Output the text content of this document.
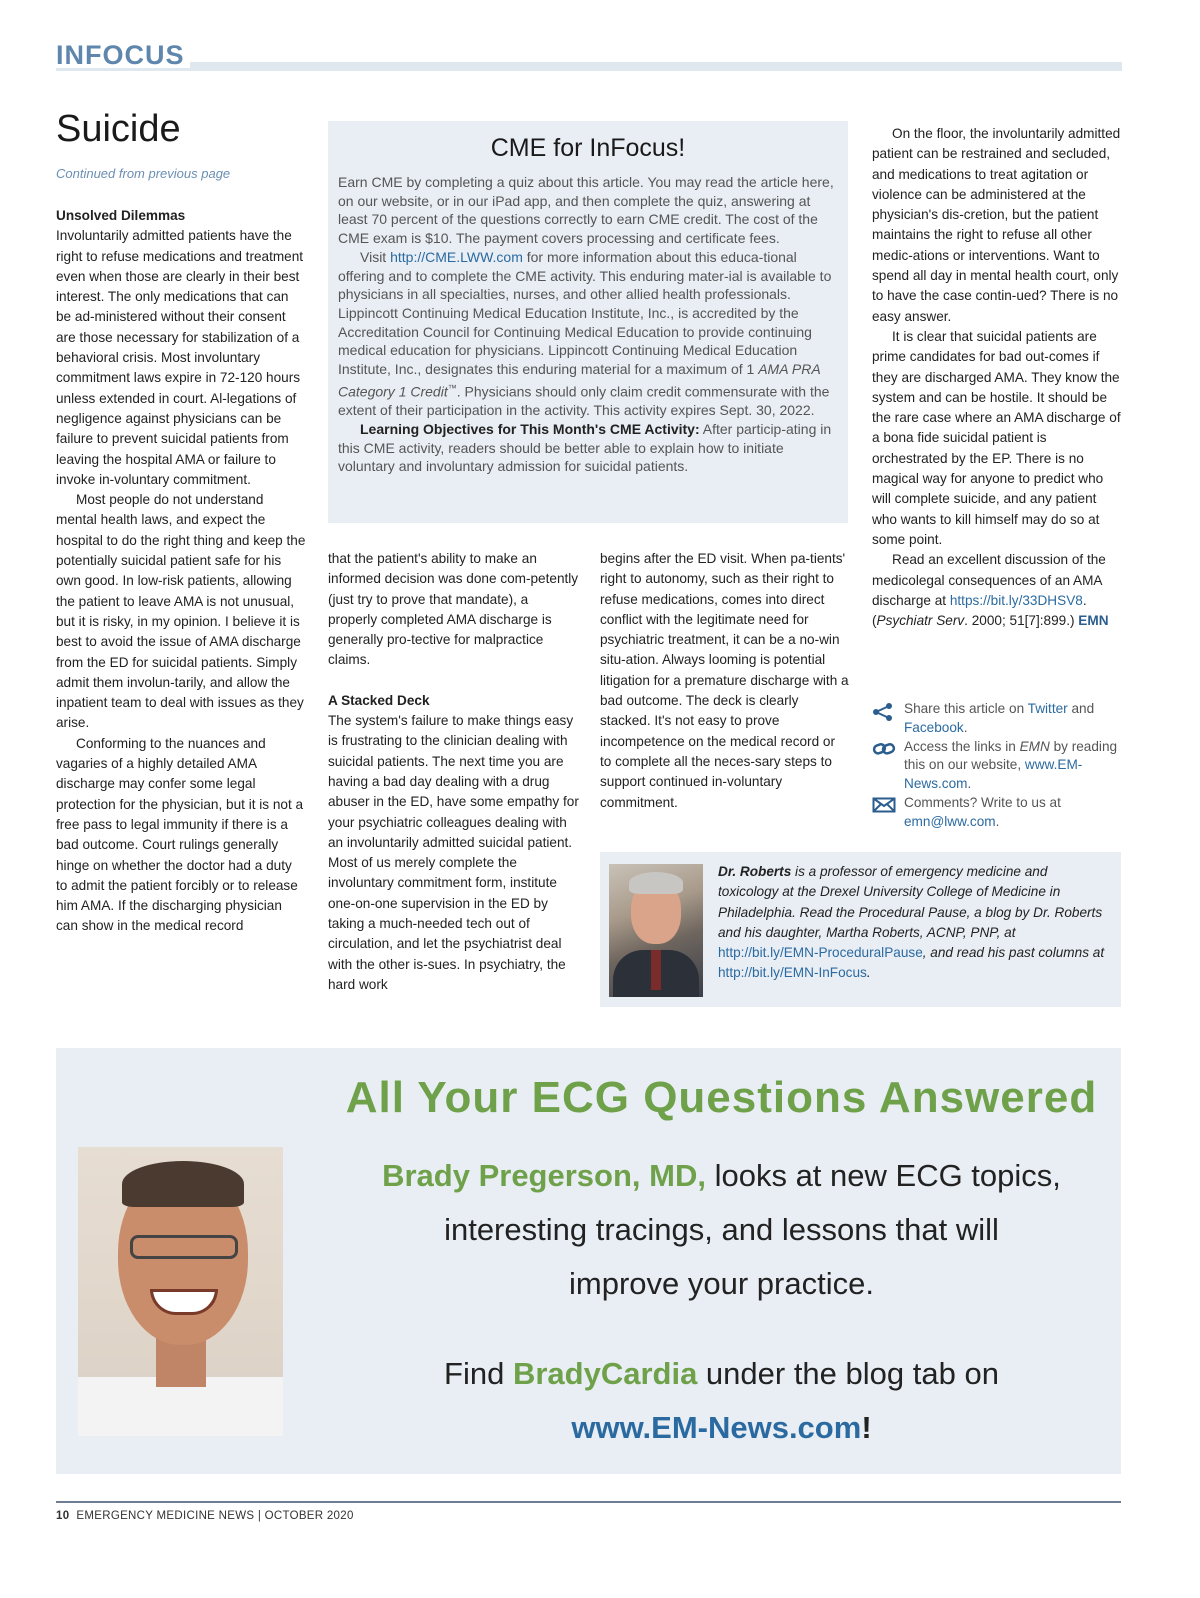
INFOCUS
Suicide
Continued from previous page

Unsolved Dilemmas

Involuntarily admitted patients have the right to refuse medications and treatment even when those are clearly in their best interest. The only medications that can be ad-ministered without their consent are those necessary for stabilization of a behavioral crisis. Most involuntary commitment laws expire in 72-120 hours unless extended in court. Al-legations of negligence against physicians can be failure to prevent suicidal patients from leaving the hospital AMA or failure to invoke in-voluntary commitment.

Most people do not understand mental health laws, and expect the hospital to do the right thing and keep the potentially suicidal patient safe for his own good. In low-risk patients, allowing the patient to leave AMA is not unusual, but it is risky, in my opinion. I believe it is best to avoid the issue of AMA discharge from the ED for suicidal patients. Simply admit them involun-tarily, and allow the inpatient team to deal with issues as they arise.

Conforming to the nuances and vagaries of a highly detailed AMA discharge may confer some legal protection for the physician, but it is not a free pass to legal immunity if there is a bad outcome. Court rulings generally hinge on whether the doctor had a duty to admit the patient forcibly or to release him AMA. If the discharging physician can show in the medical record

CME for InFocus!

Earn CME by completing a quiz about this article. You may read the article here, on our website, or in our iPad app, and then complete the quiz, answering at least 70 percent of the questions correctly to earn CME credit. The cost of the CME exam is $10. The payment covers processing and certificate fees.

Visit http://CME.LWW.com for more information about this educa-tional offering and to complete the CME activity. This enduring mater-ial is available to physicians in all specialties, nurses, and other allied health professionals. Lippincott Continuing Medical Education Institute, Inc., is accredited by the Accreditation Council for Continuing Medical Education to provide continuing medical education for physicians. Lippincott Continuing Medical Education Institute, Inc., designates this enduring material for a maximum of 1 AMA PRA Category 1 Credit™. Physicians should only claim credit commensurate with the extent of their participation in the activity. This activity expires Sept. 30, 2022.

Learning Objectives for This Month's CME Activity: After particip-ating in this CME activity, readers should be better able to explain how to initiate voluntary and involuntary admission for suicidal patients.

that the patient's ability to make an informed decision was done com-petently (just try to prove that mandate), a properly completed AMA discharge is generally pro-tective for malpractice claims.

A Stacked Deck

The system's failure to make things easy is frustrating to the clinician dealing with suicidal patients. The next time you are having a bad day dealing with a drug abuser in the ED, have some empathy for your psychiatric colleagues dealing with an involuntarily admitted suicidal patient. Most of us merely complete the involuntary commitment form, institute one-on-one supervision in the ED by taking a much-needed tech out of circulation, and let the psychiatrist deal with the other is-sues. In psychiatry, the hard work

begins after the ED visit. When pa-tients' right to autonomy, such as their right to refuse medications, comes into direct conflict with the legitimate need for psychiatric treatment, it can be a no-win situ-ation. Always looming is potential litigation for a premature discharge with a bad outcome. The deck is clearly stacked. It's not easy to prove incompetence on the medical record or to complete all the neces-sary steps to support continued in-voluntary commitment.

On the floor, the involuntarily admitted patient can be restrained and secluded, and medications to treat agitation or violence can be administered at the physician's dis-cretion, but the patient maintains the right to refuse all other medic-ations or interventions. Want to spend all day in mental health court, only to have the case contin-ued? There is no easy answer.

It is clear that suicidal patients are prime candidates for bad out-comes if they are discharged AMA. They know the system and can be hostile. It should be the rare case where an AMA discharge of a bona fide suicidal patient is orchestrated by the EP. There is no magical way for anyone to predict who will complete suicide, and any patient who wants to kill himself may do so at some point.

Read an excellent discussion of the medicolegal consequences of an AMA discharge at https://bit.ly/33DHSV8. (Psychiatr Serv. 2000; 51[7]:899.) EMN

Share this article on Twitter and Facebook.
Access the links in EMN by reading this on our website, www.EM-News.com.
Comments? Write to us at emn@lww.com.
Dr. Roberts is a professor of emergency medicine and toxicology at the Drexel University College of Medicine in Philadelphia. Read the Procedural Pause, a blog by Dr. Roberts and his daughter, Martha Roberts, ACNP, PNP, at http://bit.ly/EMN-ProceduralPause, and read his past columns at http://bit.ly/EMN-InFocus.
All Your ECG Questions Answered
Brady Pregerson, MD, looks at new ECG topics,
interesting tracings, and lessons that will
improve your practice.
Find BradyCardia under the blog tab on
www.EM-News.com!
10 EMERGENCY MEDICINE NEWS | OCTOBER 2020
